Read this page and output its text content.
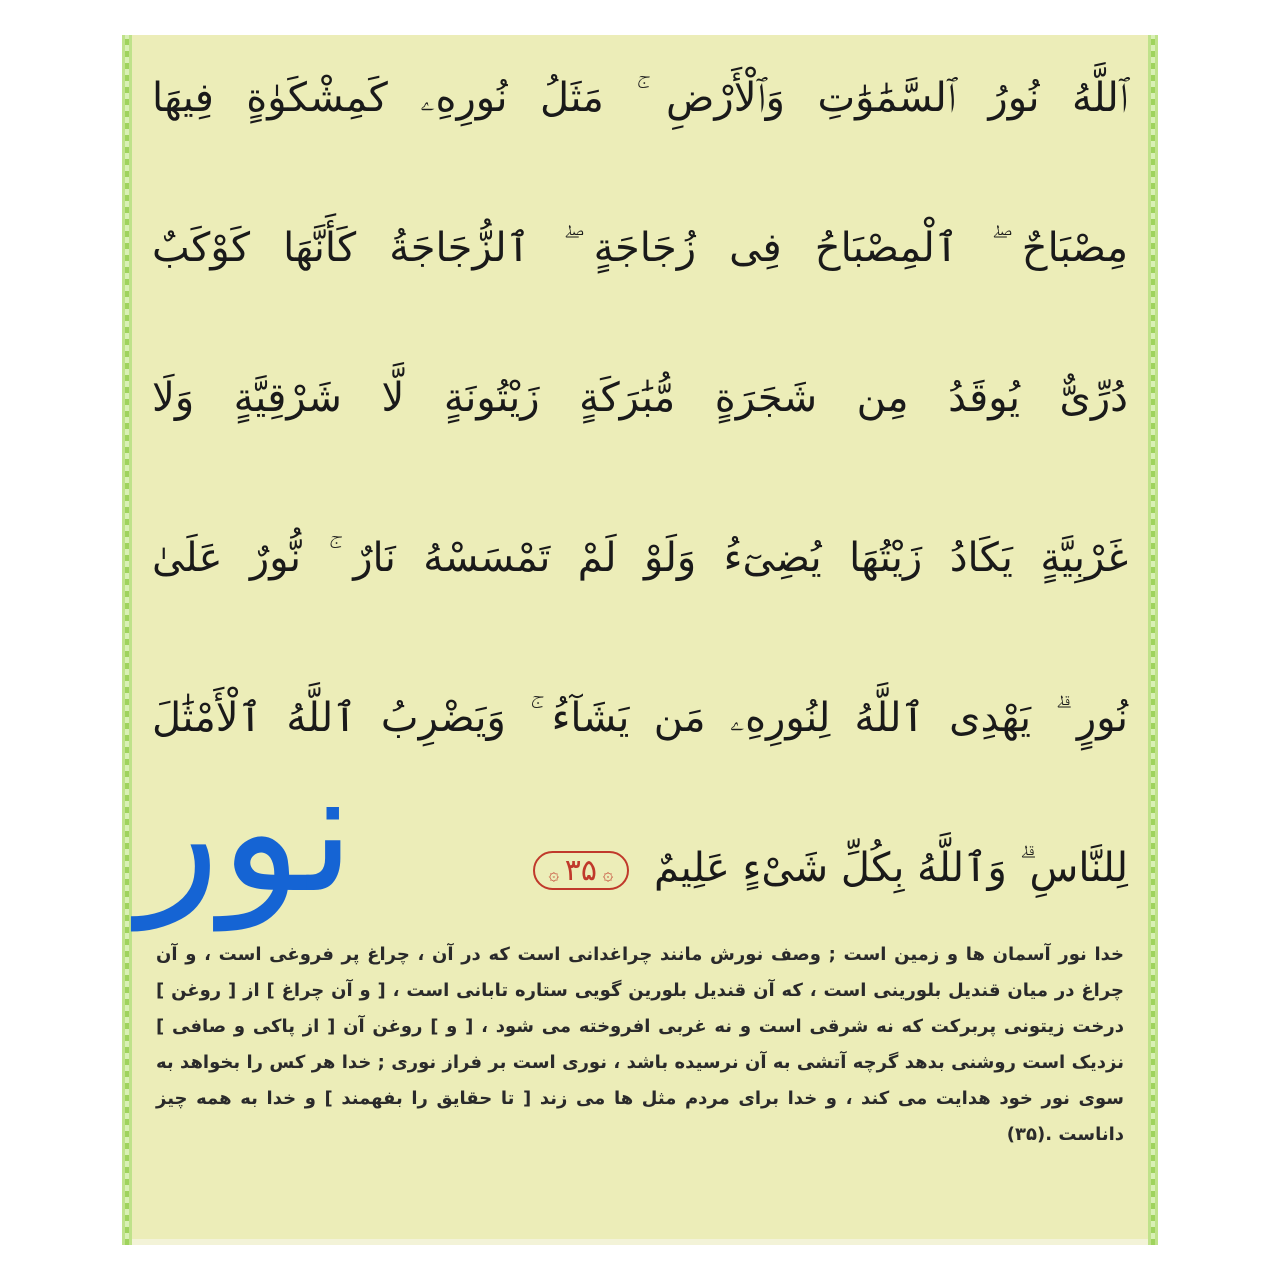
ٱللَّهُ نُورُ ٱلسَّمَٰوَٰتِ وَٱلْأَرْضِ ۚ مَثَلُ نُورِهِۦ كَمِشْكَوٰةٍ فِيهَا
مِصْبَاحٌ ۖ ٱلْمِصْبَاحُ فِى زُجَاجَةٍ ۖ ٱلزُّجَاجَةُ كَأَنَّهَا كَوْكَبٌ
دُرِّىٌّ يُوقَدُ مِن شَجَرَةٍ مُّبَٰرَكَةٍ زَيْتُونَةٍ لَّا شَرْقِيَّةٍ وَلَا
غَرْبِيَّةٍ يَكَادُ زَيْتُهَا يُضِىٓءُ وَلَوْ لَمْ تَمْسَسْهُ نَارٌ ۚ نُّورٌ عَلَىٰ
نُورٍ ۗ يَهْدِى ٱللَّهُ لِنُورِهِۦ مَن يَشَآءُ ۚ وَيَضْرِبُ ٱللَّهُ ٱلْأَمْثَٰلَ
لِلنَّاسِ ۗ وَٱللَّهُ بِكُلِّ شَىْءٍ عَلِيمٌ ۞ ۳۵ ۞
نور
خدا نور آسمان ها و زمین است ; وصف نورش مانند چراغدانی است که در آن ، چراغ پر فروغی است ، و آن چراغ در میان قندیل بلورینی است ، که آن قندیل بلورین گویی ستاره تابانی است ، [ و آن چراغ ] از [ روغن ] درخت زیتونی پربرکت که نه شرقی است و نه غربی افروخته می شود ، [ و ] روغن آن [ از پاکی و صافی ] نزدیک است روشنی بدهد گرچه آتشی به آن نرسیده باشد ، نوری است بر فراز نوری ; خدا هر کس را بخواهد به سوی نور خود هدایت می کند ، و خدا برای مردم مثل ها می زند [ تا حقایق را بفهمند ] و خدا به همه چیز داناست .(۳۵)
